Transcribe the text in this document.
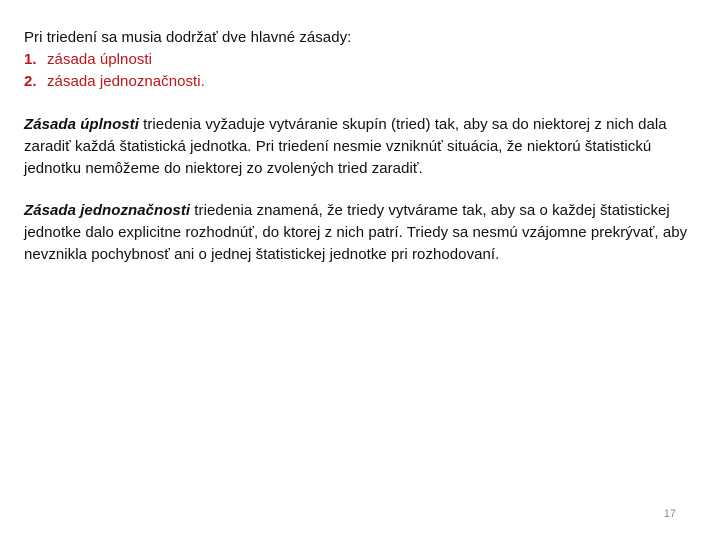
Pri triedení sa musia dodržať dve hlavné zásady:
1. zásada úplnosti
2. zásada jednoznačnosti.
Zásada úplnosti triedenia vyžaduje vytváranie skupín (tried) tak, aby sa do niektorej z nich dala zaradiť každá štatistická jednotka. Pri triedení nesmie vzniknúť situácia, že niektorú štatistickú jednotku nemôžeme do niektorej zo zvolených tried zaradiť.
Zásada jednoznačnosti triedenia znamená, že triedy vytvárame tak, aby sa o každej štatistickej jednotke dalo explicitne rozhodnúť, do ktorej z nich patrí. Triedy sa nesmú vzájomne prekrývať, aby nevznikla pochybnosť ani o jednej štatistickej jednotke pri rozhodovaní.
17
